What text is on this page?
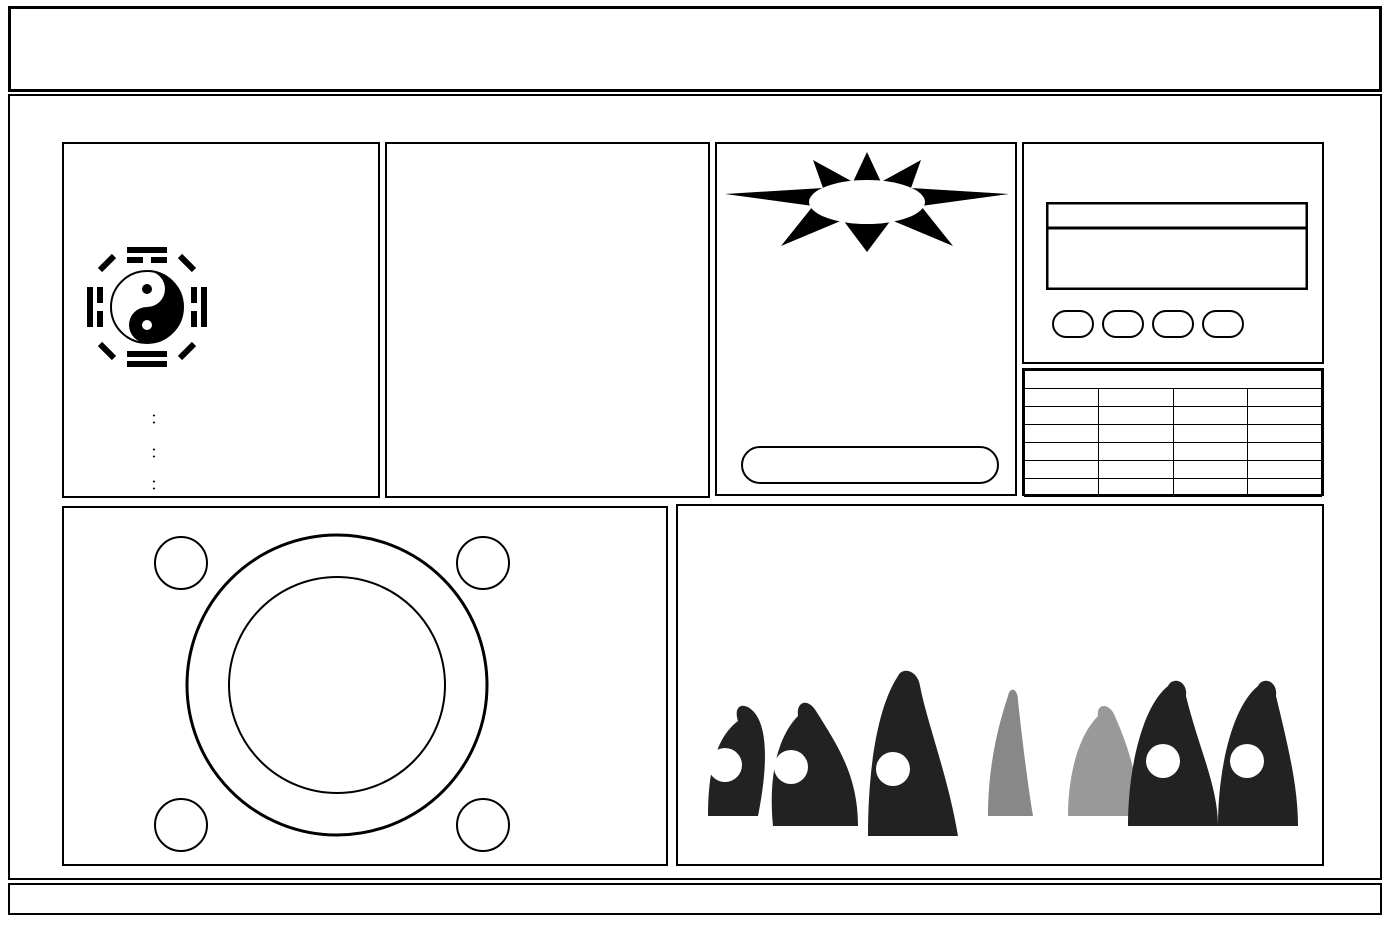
：
：
：
